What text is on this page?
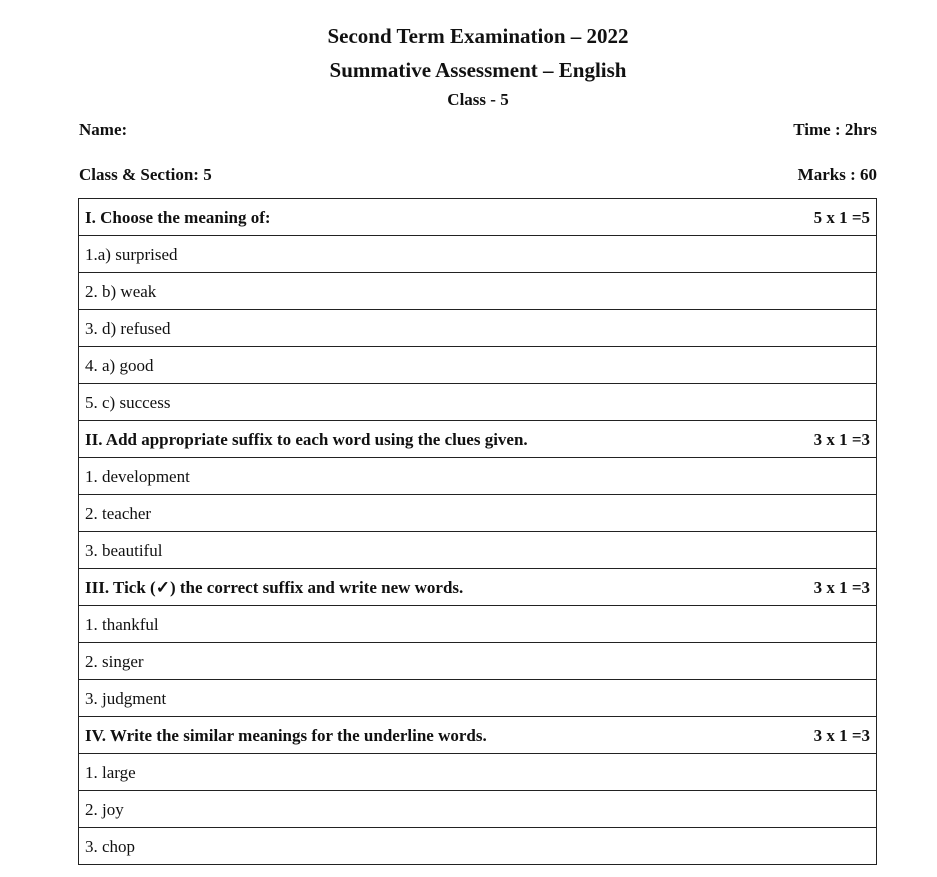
Second Term Examination – 2022
Summative Assessment – English
Class - 5
Name:	Time : 2hrs
Class & Section: 5	Marks : 60
I. Choose the meaning of:	5 x 1 =5

1.a) surprised
2. b) weak
3. d) refused
4. a) good
5. c) success

II. Add appropriate suffix to each word using the clues given.	3 x 1 =3

1. development
2. teacher
3. beautiful

III. Tick (✓) the correct suffix and write new words.	3 x 1 =3

1. thankful
2. singer
3. judgment

IV. Write the similar meanings for the underline words.	3 x 1 =3

1. large
2. joy
3. chop
